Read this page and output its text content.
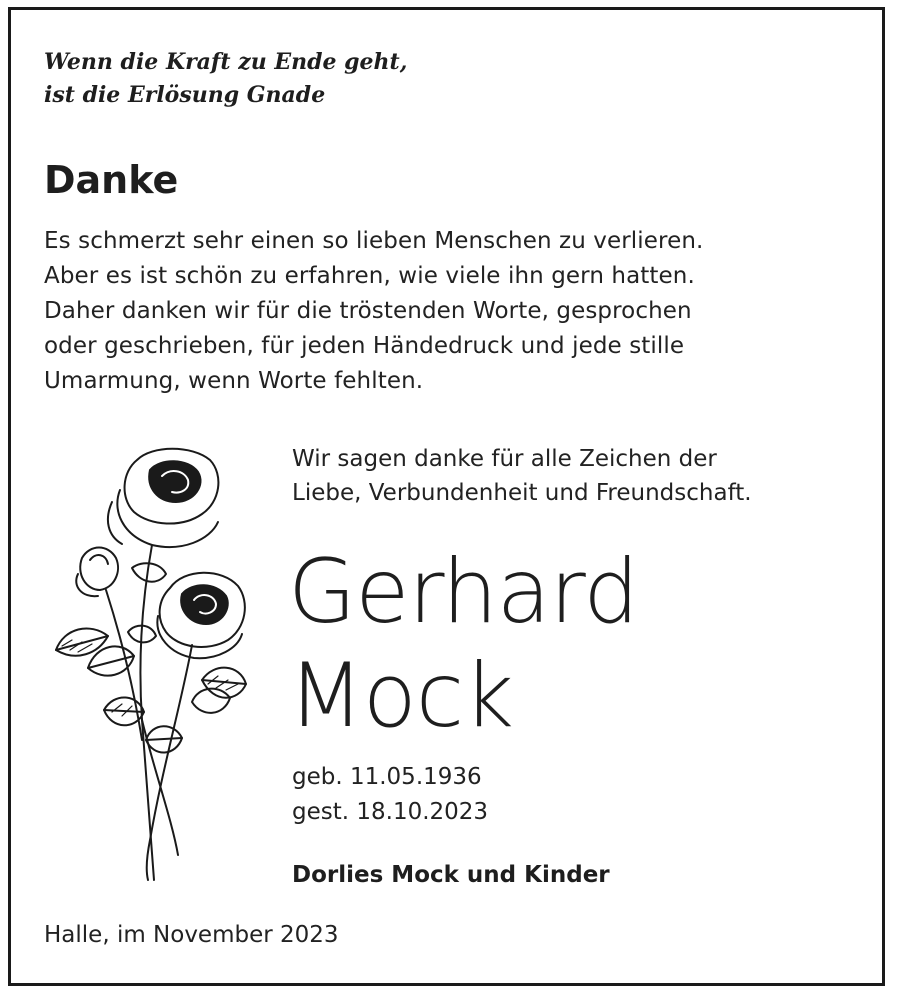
Wenn die Kraft zu Ende geht,
ist die Erlösung Gnade
Danke
Es schmerzt sehr einen so lieben Menschen zu verlieren.
Aber es ist schön zu erfahren, wie viele ihn gern hatten.
Daher danken wir für die tröstenden Worte, gesprochen
oder geschrieben, für jeden Händedruck und jede stille
Umarmung, wenn Worte fehlten.
Wir sagen danke für alle Zeichen der
Liebe, Verbundenheit und Freundschaft.
Gerhard
Mock
geb. 11.05.1936
gest. 18.10.2023
Dorlies Mock und Kinder
Halle, im November 2023
